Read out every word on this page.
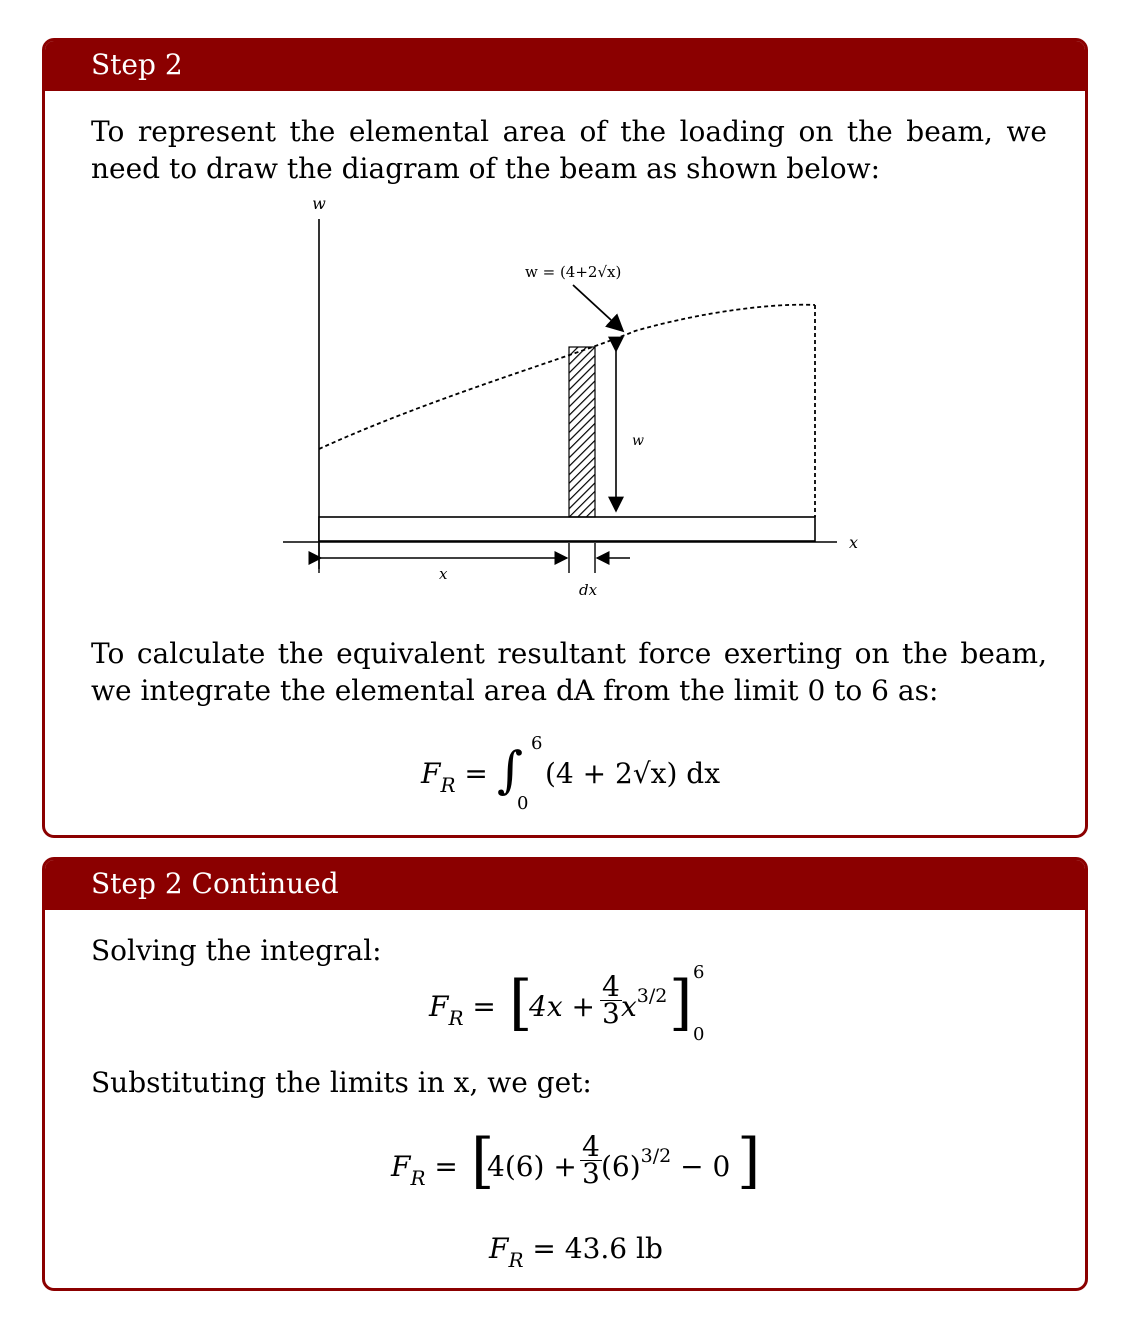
Step 2

To represent the elemental area of the loading on the beam, we need to draw the diagram of the beam as shown below:

w
x
w
w = (4+2√x)
x
dx

To calculate the equivalent resultant force exerting on the beam, we integrate the elemental area dA from the limit 0 to 6 as:

$F_R$ = ∫ 6
0
(4 + 2√x) dx
Step 2 Continued

Solving the integral:

$F_R$ = [
$4x + \frac{4}{3} x^{3/2}$ ] 6
0

Substituting the limits in x, we get:

$F_R$ = [
$4(6) + \frac{4}{3} (6)^{3/2} - 0$ ]
$F_R = 43.6$ lb
